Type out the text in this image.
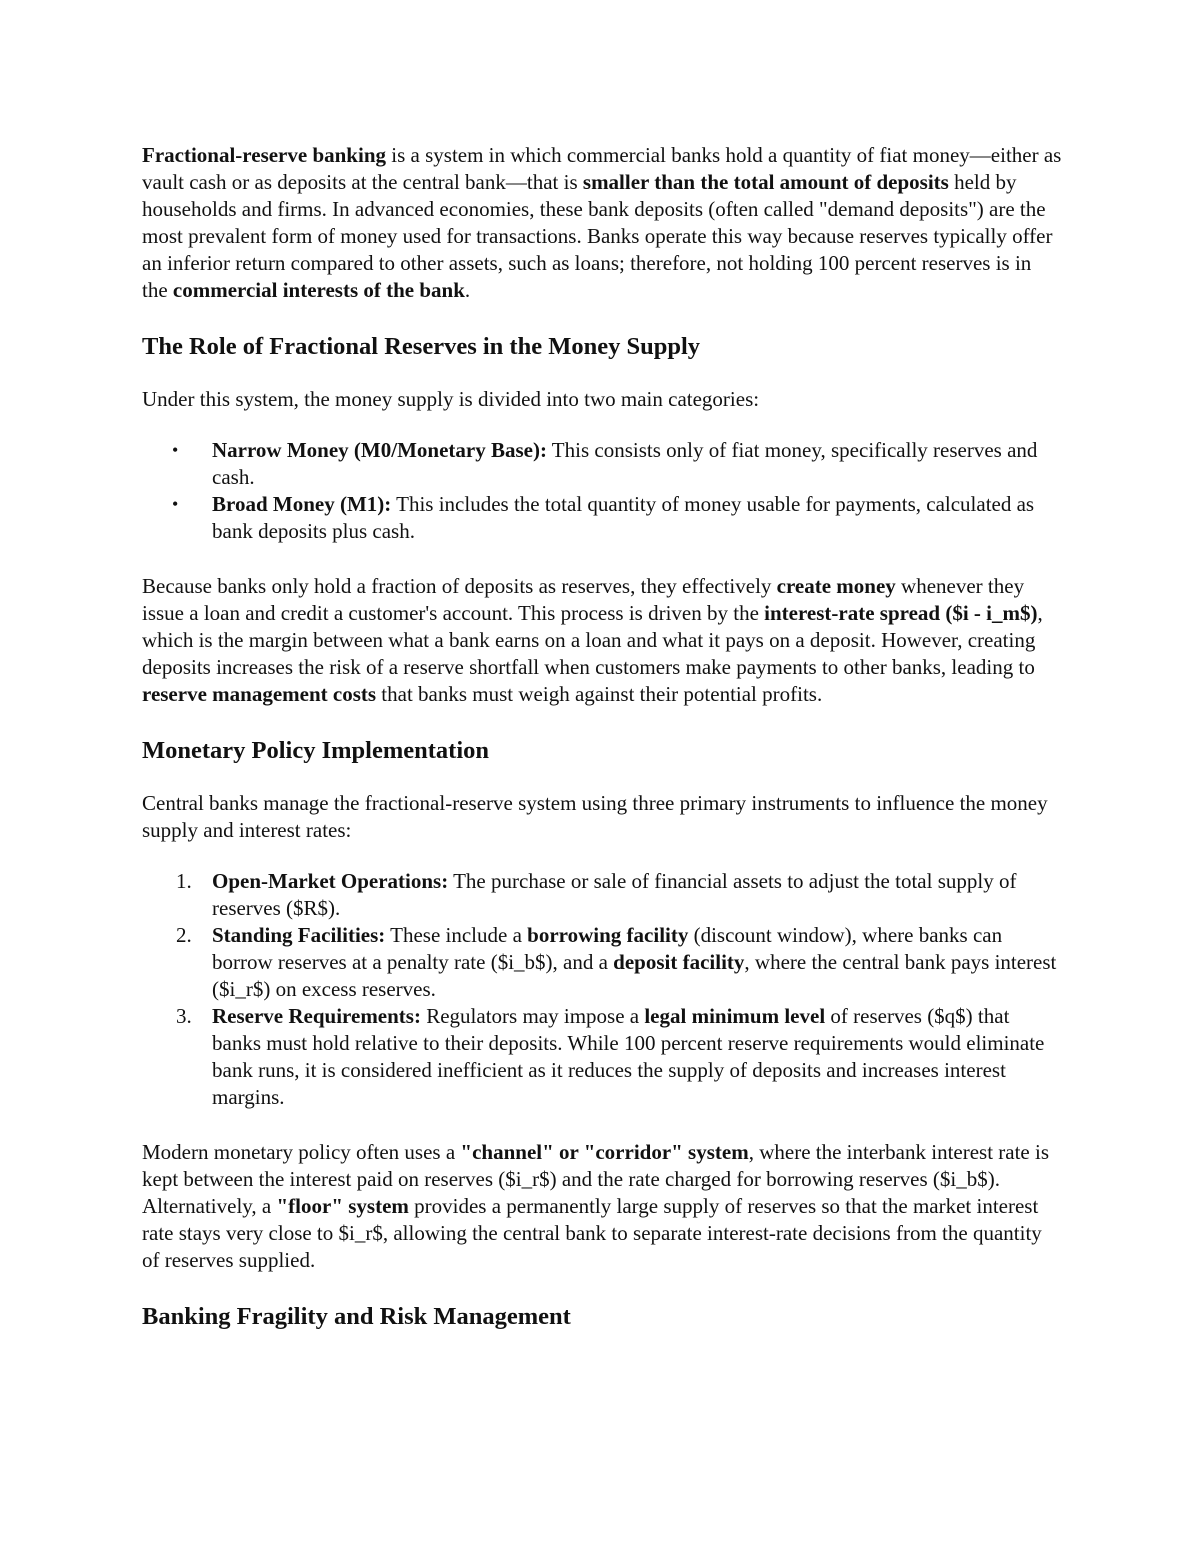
Fractional-reserve banking is a system in which commercial banks hold a quantity of fiat money—either as vault cash or as deposits at the central bank—that is smaller than the total amount of deposits held by households and firms. In advanced economies, these bank deposits (often called "demand deposits") are the most prevalent form of money used for transactions. Banks operate this way because reserves typically offer an inferior return compared to other assets, such as loans; therefore, not holding 100 percent reserves is in the commercial interests of the bank.

The Role of Fractional Reserves in the Money Supply

Under this system, the money supply is divided into two main categories:

• Narrow Money (M0/Monetary Base): This consists only of fiat money, specifically reserves and cash.
• Broad Money (M1): This includes the total quantity of money usable for payments, calculated as bank deposits plus cash.

Because banks only hold a fraction of deposits as reserves, they effectively create money whenever they issue a loan and credit a customer's account. This process is driven by the interest-rate spread ($i - i_m$), which is the margin between what a bank earns on a loan and what it pays on a deposit. However, creating deposits increases the risk of a reserve shortfall when customers make payments to other banks, leading to reserve management costs that banks must weigh against their potential profits.

Monetary Policy Implementation

Central banks manage the fractional-reserve system using three primary instruments to influence the money supply and interest rates:

1. Open-Market Operations: The purchase or sale of financial assets to adjust the total supply of reserves ($R$).
2. Standing Facilities: These include a borrowing facility (discount window), where banks can borrow reserves at a penalty rate ($i_b$), and a deposit facility, where the central bank pays interest ($i_r$) on excess reserves.
3. Reserve Requirements: Regulators may impose a legal minimum level of reserves ($q$) that banks must hold relative to their deposits. While 100 percent reserve requirements would eliminate bank runs, it is considered inefficient as it reduces the supply of deposits and increases interest margins.

Modern monetary policy often uses a "channel" or "corridor" system, where the interbank interest rate is kept between the interest paid on reserves ($i_r$) and the rate charged for borrowing reserves ($i_b$). Alternatively, a "floor" system provides a permanently large supply of reserves so that the market interest rate stays very close to $i_r$, allowing the central bank to separate interest-rate decisions from the quantity of reserves supplied.

Banking Fragility and Risk Management
